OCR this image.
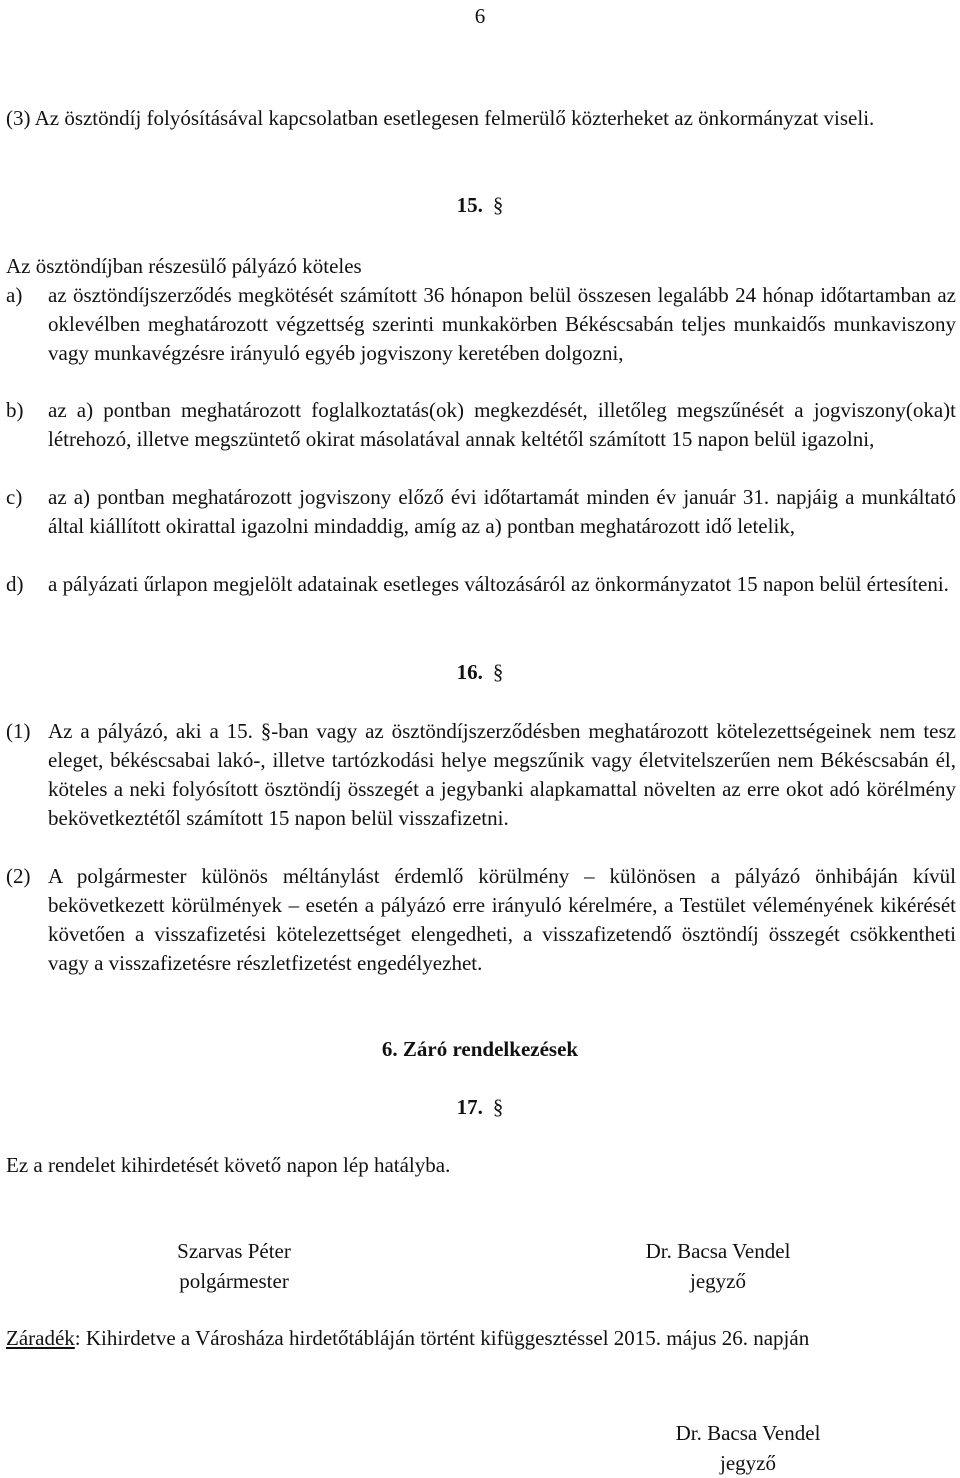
6
(3) Az ösztöndíj folyósításával kapcsolatban esetlegesen felmerülő közterheket az önkormányzat viseli.
15. §
Az ösztöndíjban részesülő pályázó köteles
a) az ösztöndíjszerződés megkötését számított 36 hónapon belül összesen legalább 24 hónap időtartamban az oklevélben meghatározott végzettség szerinti munkakörben Békéscsabán teljes munkaidős munkaviszony vagy munkavégzésre irányuló egyéb jogviszony keretében dolgozni,
b) az a) pontban meghatározott foglalkoztatás(ok) megkezdését, illetőleg megszűnését a jogviszony(oka)t létrehozó, illetve megszüntető okirat másolatával annak keltétől számított 15 napon belül igazolni,
c) az a) pontban meghatározott jogviszony előző évi időtartamát minden év január 31. napjáig a munkáltató által kiállított okirattal igazolni mindaddig, amíg az a) pontban meghatározott idő letelik,
d) a pályázati űrlapon megjelölt adatainak esetleges változásáról az önkormányzatot 15 napon belül értesíteni.
16. §
(1) Az a pályázó, aki a 15. §-ban vagy az ösztöndíjszerződésben meghatározott kötelezettségeinek nem tesz eleget, békéscsabai lakó-, illetve tartózkodási helye megszűnik vagy életvitelszerűen nem Békéscsabán él, köteles a neki folyósított ösztöndíj összegét a jegybanki alapkamattal növelten az erre okot adó körélmény bekövetkeztétől számított 15 napon belül visszafizetni.
(2) A polgármester különös méltánylást érdemlő körülmény – különösen a pályázó önhibáján kívül bekövetkezett körülmények – esetén a pályázó erre irányuló kérelmére, a Testület véleményének kikérését követően a visszafizetési kötelezettséget elengedheti, a visszafizetendő ösztöndíj összegét csökkentheti vagy a visszafizetésre részletfizetést engedélyezhet.
6. Záró rendelkezések
17. §
Ez a rendelet kihirdetését követő napon lép hatályba.
Szarvas Péter
polgármester
Dr. Bacsa Vendel
jegyző
Záradék: Kihirdetve a Városháza hirdetőtábláján történt kifüggesztéssel 2015. május 26. napján
Dr. Bacsa Vendel
jegyző
